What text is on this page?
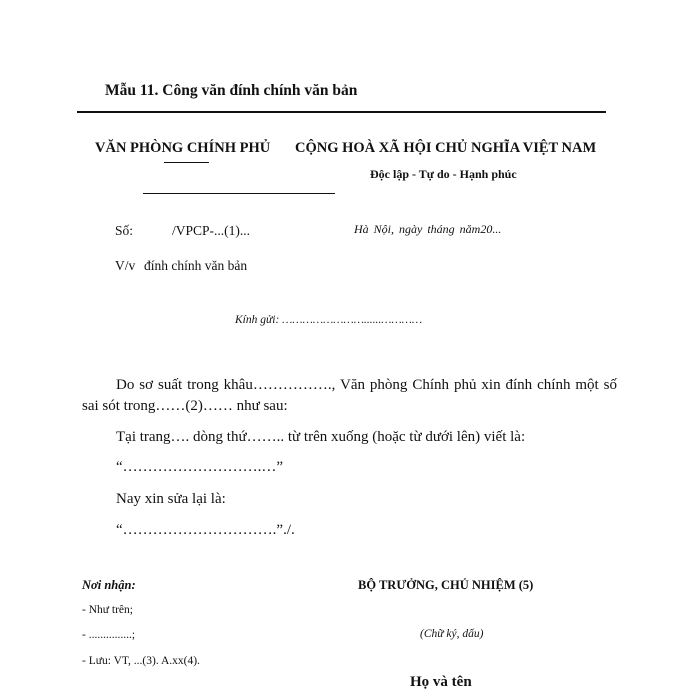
Mẫu 11. Công văn đính chính văn bản
VĂN PHÒNG CHÍNH PHỦ CỘNG HOÀ XÃ HỘI CHỦ NGHĨA VIỆT NAM
Độc lập - Tự do - Hạnh phúc
Số:	/VPCP-...(1)...	Hà Nội, ngày tháng năm20...
V/v đính chính văn bản
Kính gửi: ……………………......…………
Do sơ suất trong khâu……………., Văn phòng Chính phủ xin đính chính một số sai sót trong……(2)…… như sau:
Tại trang…. dòng thứ…….. từ trên xuống (hoặc từ dưới lên) viết là:
“……………………….…”
Nay xin sửa lại là:
“………………………….”./.
Nơi nhận:
- Như trên;
- ...............;
- Lưu: VT, ...(3). A.xx(4).
BỘ TRƯỞNG, CHỦ NHIỆM (5)
(Chữ ký, dấu)
Họ và tên
